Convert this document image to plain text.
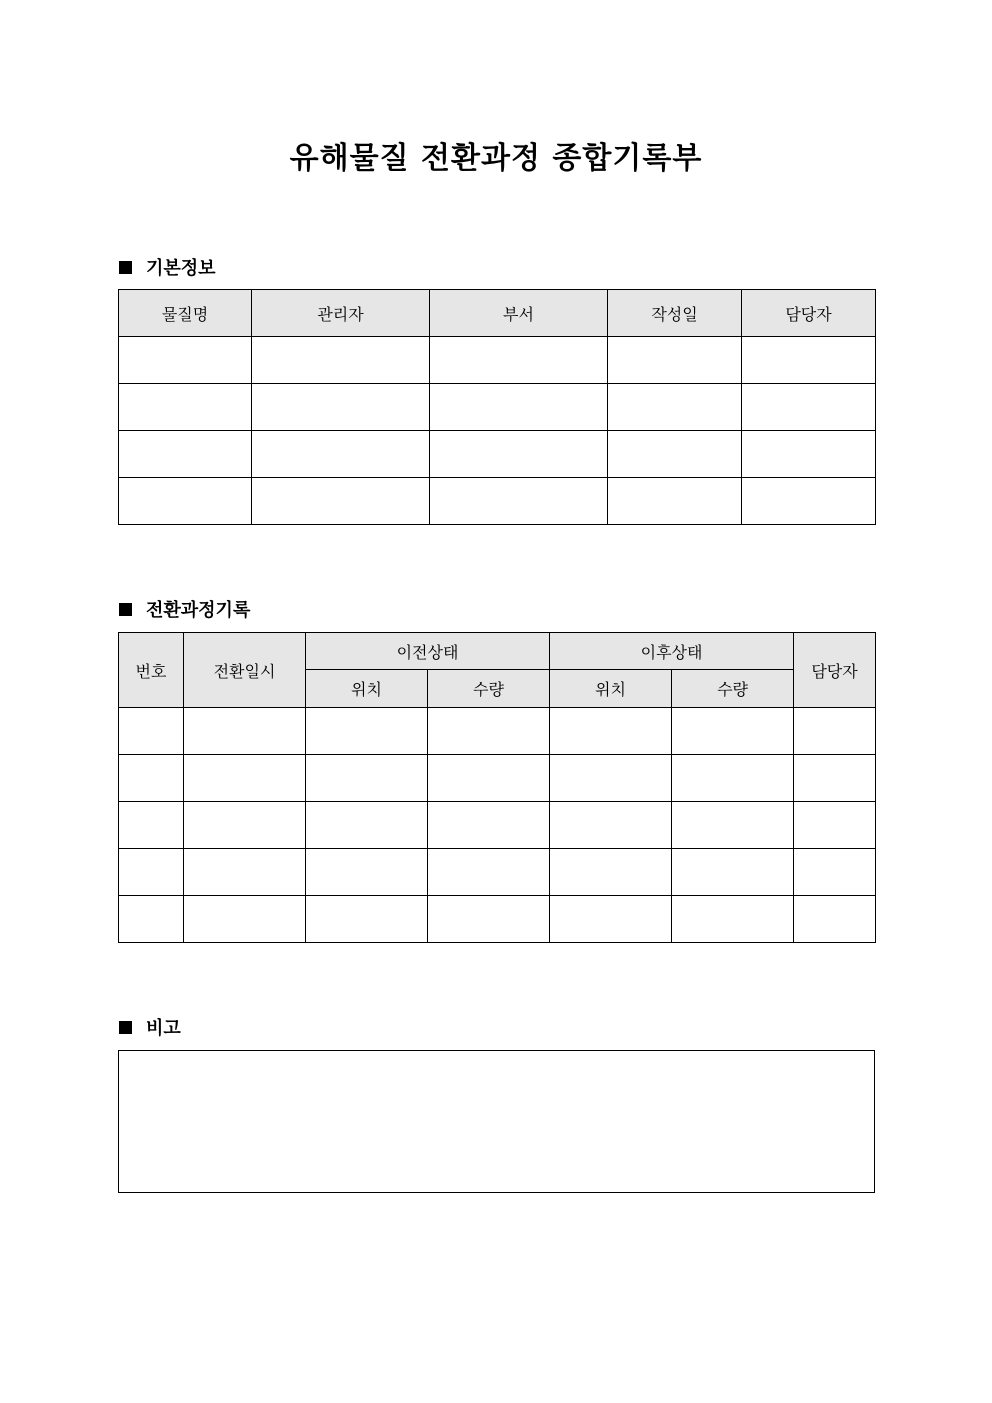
유해물질 전환과정 종합기록부
기본정보
물질명	관리자	부서	작성일	담당자

전환과정기록
번호	전환일시	이전상태		이후상태		담당자
		위치	수량	위치	수량	

비고
